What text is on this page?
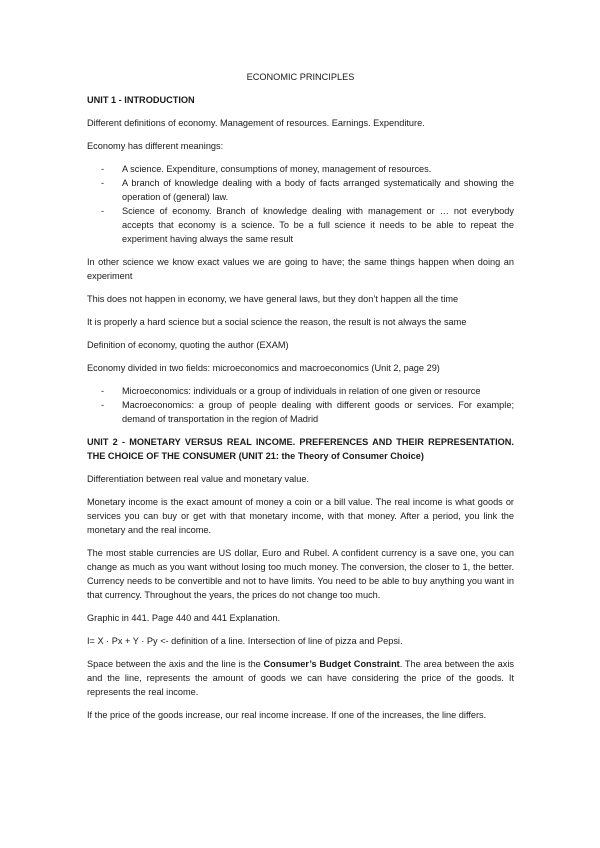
ECONOMIC PRINCIPLES
UNIT 1 - INTRODUCTION

Different definitions of economy. Management of resources. Earnings. Expenditure.

Economy has different meanings:

- A science. Expenditure, consumptions of money, management of resources.
- A branch of knowledge dealing with a body of facts arranged systematically and showing the operation of (general) law.
- Science of economy. Branch of knowledge dealing with management or … not everybody accepts that economy is a science. To be a full science it needs to be able to repeat the experiment having always the same result

In other science we know exact values we are going to have; the same things happen when doing an experiment

This does not happen in economy, we have general laws, but they don’t happen all the time

It is properly a hard science but a social science the reason, the result is not always the same

Definition of economy, quoting the author (EXAM)

Economy divided in two fields: microeconomics and macroeconomics (Unit 2, page 29)

- Microeconomics: individuals or a group of individuals in relation of one given or resource
- Macroeconomics: a group of people dealing with different goods or services. For example; demand of transportation in the region of Madrid
UNIT 2 - MONETARY VERSUS REAL INCOME. PREFERENCES AND THEIR REPRESENTATION. THE CHOICE OF THE CONSUMER (UNIT 21: the Theory of Consumer Choice)

Differentiation between real value and monetary value.

Monetary income is the exact amount of money a coin or a bill value. The real income is what goods or services you can buy or get with that monetary income, with that money. After a period, you link the monetary and the real income.

The most stable currencies are US dollar, Euro and Rubel. A confident currency is a save one, you can change as much as you want without losing too much money. The conversion, the closer to 1, the better. Currency needs to be convertible and not to have limits. You need to be able to buy anything you want in that currency. Throughout the years, the prices do not change too much.

Graphic in 441. Page 440 and 441 Explanation.

I= X · Px + Y · Py <- definition of a line. Intersection of line of pizza and Pepsi.

Space between the axis and the line is the Consumer’s Budget Constraint. The area between the axis and the line, represents the amount of goods we can have considering the price of the goods. It represents the real income.

If the price of the goods increase, our real income increase. If one of the increases, the line differs.
